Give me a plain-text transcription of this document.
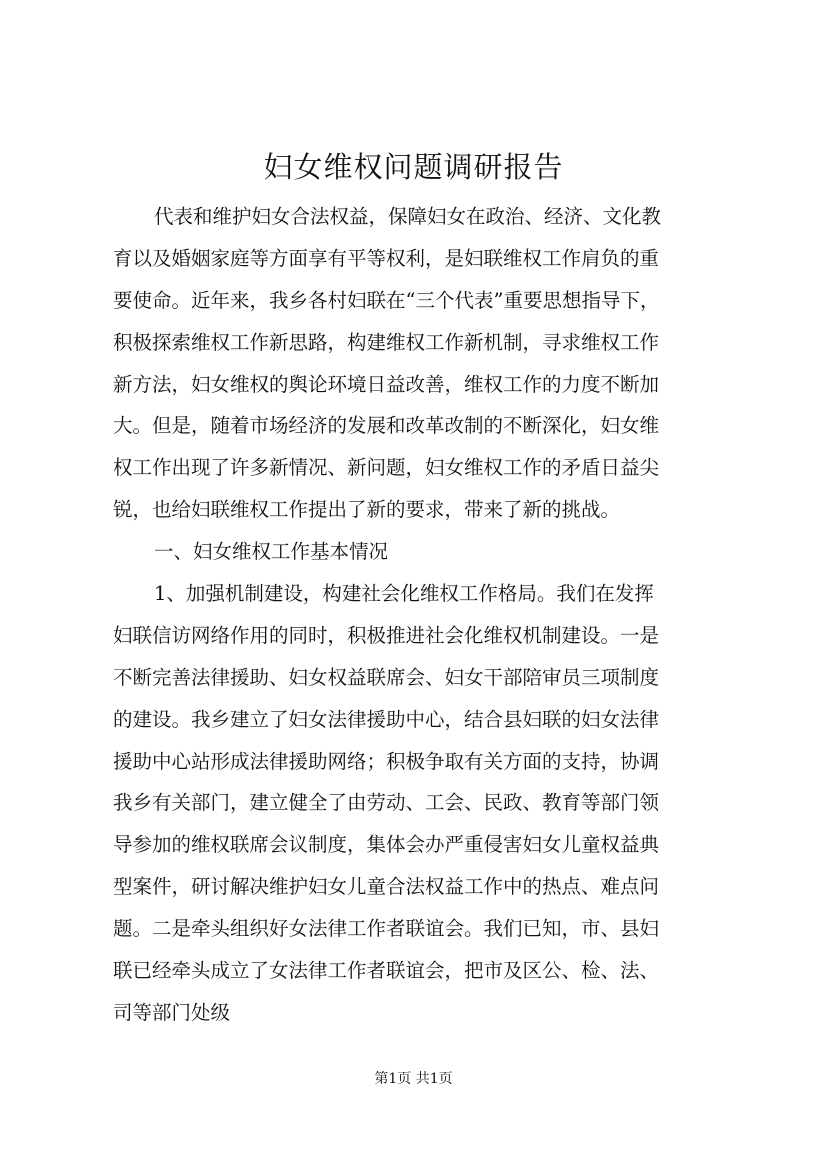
妇女维权问题调研报告
代表和维护妇女合法权益，保障妇女在政治、经济、文化教
育以及婚姻家庭等方面享有平等权利，是妇联维权工作肩负的重
要使命。近年来，我乡各村妇联在“三个代表”重要思想指导下，
积极探索维权工作新思路，构建维权工作新机制，寻求维权工作
新方法，妇女维权的舆论环境日益改善，维权工作的力度不断加
大。但是，随着市场经济的发展和改革改制的不断深化，妇女维
权工作出现了许多新情况、新问题，妇女维权工作的矛盾日益尖
锐，也给妇联维权工作提出了新的要求，带来了新的挑战。
一、妇女维权工作基本情况
1、加强机制建设，构建社会化维权工作格局。我们在发挥
妇联信访网络作用的同时，积极推进社会化维权机制建设。一是
不断完善法律援助、妇女权益联席会、妇女干部陪审员三项制度
的建设。我乡建立了妇女法律援助中心，结合县妇联的妇女法律
援助中心站形成法律援助网络；积极争取有关方面的支持，协调
我乡有关部门，建立健全了由劳动、工会、民政、教育等部门领
导参加的维权联席会议制度，集体会办严重侵害妇女儿童权益典
型案件，研讨解决维护妇女儿童合法权益工作中的热点、难点问
题。二是牵头组织好女法律工作者联谊会。我们已知，市、县妇
联已经牵头成立了女法律工作者联谊会，把市及区公、检、法、
司等部门处级
第1页 共1页
